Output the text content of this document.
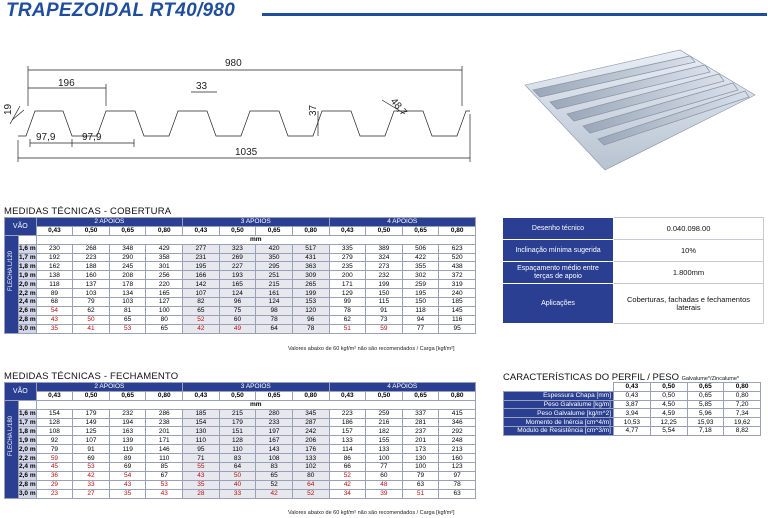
TRAPEZOIDAL RT40/980
980
196	33
19	37	48,7
97,9	97,9
1035
MEDIDAS TÉCNICAS - COBERTURA
VÃO		2 APOIOS				3 APOIOS				4 APOIOS			
		0,43	0,50	0,65	0,80	0,43	0,50	0,65	0,80	0,43	0,50	0,65	0,80

FLECHA L/120		mm											
	1,6 m	230	268	348	429	277	323	420	517	335	389	506	623
	1,7 m	192	223	290	358	231	269	350	431	279	324	422	520
	1,8 m	162	188	245	301	195	227	295	363	235	273	355	438
	1,9 m	138	160	208	256	166	193	251	309	200	232	302	372
	2,0 m	118	137	178	220	142	165	215	265	171	199	259	319
	2,2 m	89	103	134	165	107	124	161	199	129	150	195	240
	2,4 m	68	79	103	127	82	96	124	153	99	115	150	185
	2,6 m	54	62	81	100	65	75	98	120	78	91	118	145
	2,8 m	43	50	65	80	52	60	78	96	62	73	94	116
	3,0 m	35	41	53	65	42	49	64	78	51	59	77	95
Valores abaixo de 60 kgf/m² não são recomendados / Carga [kgf/m²]
MEDIDAS TÉCNICAS - FECHAMENTO
VÃO		2 APOIOS				3 APOIOS				4 APOIOS			
		0,43	0,50	0,65	0,80	0,43	0,50	0,65	0,80	0,43	0,50	0,65	0,80

FLECHA L/180		mm											
	1,6 m	154	179	232	286	185	215	280	345	223	259	337	415
	1,7 m	128	149	194	238	154	179	233	287	186	216	281	346
	1,8 m	108	125	163	201	130	151	197	242	157	182	237	292
	1,9 m	92	107	139	171	110	128	167	206	133	155	201	248
	2,0 m	79	91	119	146	95	110	143	176	114	133	173	213
	2,2 m	59	69	89	110	71	83	108	133	86	100	130	160
	2,4 m	45	53	69	85	55	64	83	102	66	77	100	123
	2,6 m	36	42	54	67	43	50	65	80	52	60	79	97
	2,8 m	29	33	43	53	35	40	52	64	42	48	63	78
	3,0 m	23	27	35	43	28	33	42	52	34	39	51	63
Valores abaixo de 60 kgf/m² não são recomendados / Carga [kgf/m²]
Desenho técnico	0.040.098.00
Inclinação mínima sugerida	10%
Espaçamento médio entre terças de apoio	1.800mm
Aplicações	Coberturas, fachadas e fechamentos laterais
CARACTERÍSTICAS DO PERFIL / PESO Galvalume*/Zincalume*
	0,43	0,50	0,65	0,80
Espessura Chapa [mm]	0,43	0,50	0,65	0,80
Peso Galvalume [kg/m]	3,87	4,50	5,85	7,20
Peso Galvalume [kg/m^2]	3,94	4,59	5,96	7,34
Momento de Inércia [cm^4/m]	10,53	12,25	15,93	19,62
Módulo de Resistência [cm^3/m]	4,77	5,54	7,18	8,82
